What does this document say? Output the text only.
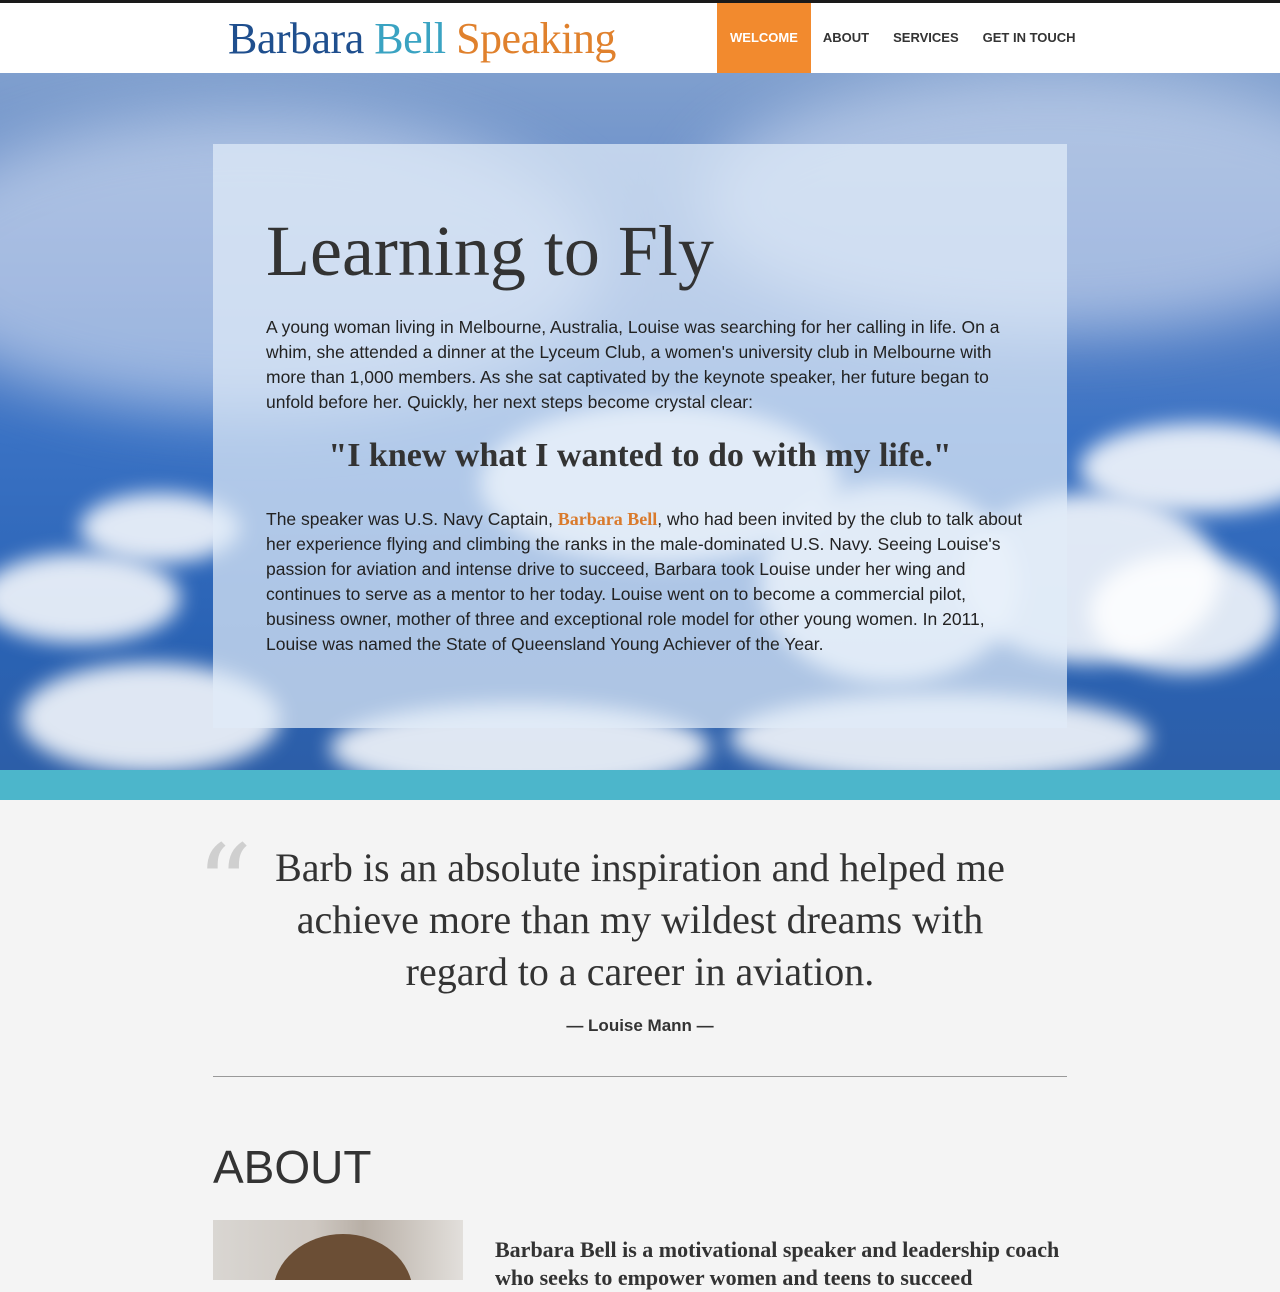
Barbara Bell Speaking	WELCOME	ABOUT	SERVICES	GET IN TOUCH
Learning to Fly

A young woman living in Melbourne, Australia, Louise was searching for her calling in life. On a whim, she attended a dinner at the Lyceum Club, a women's university club in Melbourne with more than 1,000 members. As she sat captivated by the keynote speaker, her future began to unfold before her. Quickly, her next steps become crystal clear:

"I knew what I wanted to do with my life."

The speaker was U.S. Navy Captain, Barbara Bell, who had been invited by the club to talk about her experience flying and climbing the ranks in the male-dominated U.S. Navy. Seeing Louise's passion for aviation and intense drive to succeed, Barbara took Louise under her wing and continues to serve as a mentor to her today. Louise went on to become a commercial pilot, business owner, mother of three and exceptional role model for other young women. In 2011, Louise was named the State of Queensland Young Achiever of the Year.

“ Barb is an absolute inspiration and helped me achieve more than my wildest dreams with regard to a career in aviation.

— Louise Mann —
ABOUT

Barbara Bell is a motivational speaker and leadership coach who seeks to empower women and teens to succeed
